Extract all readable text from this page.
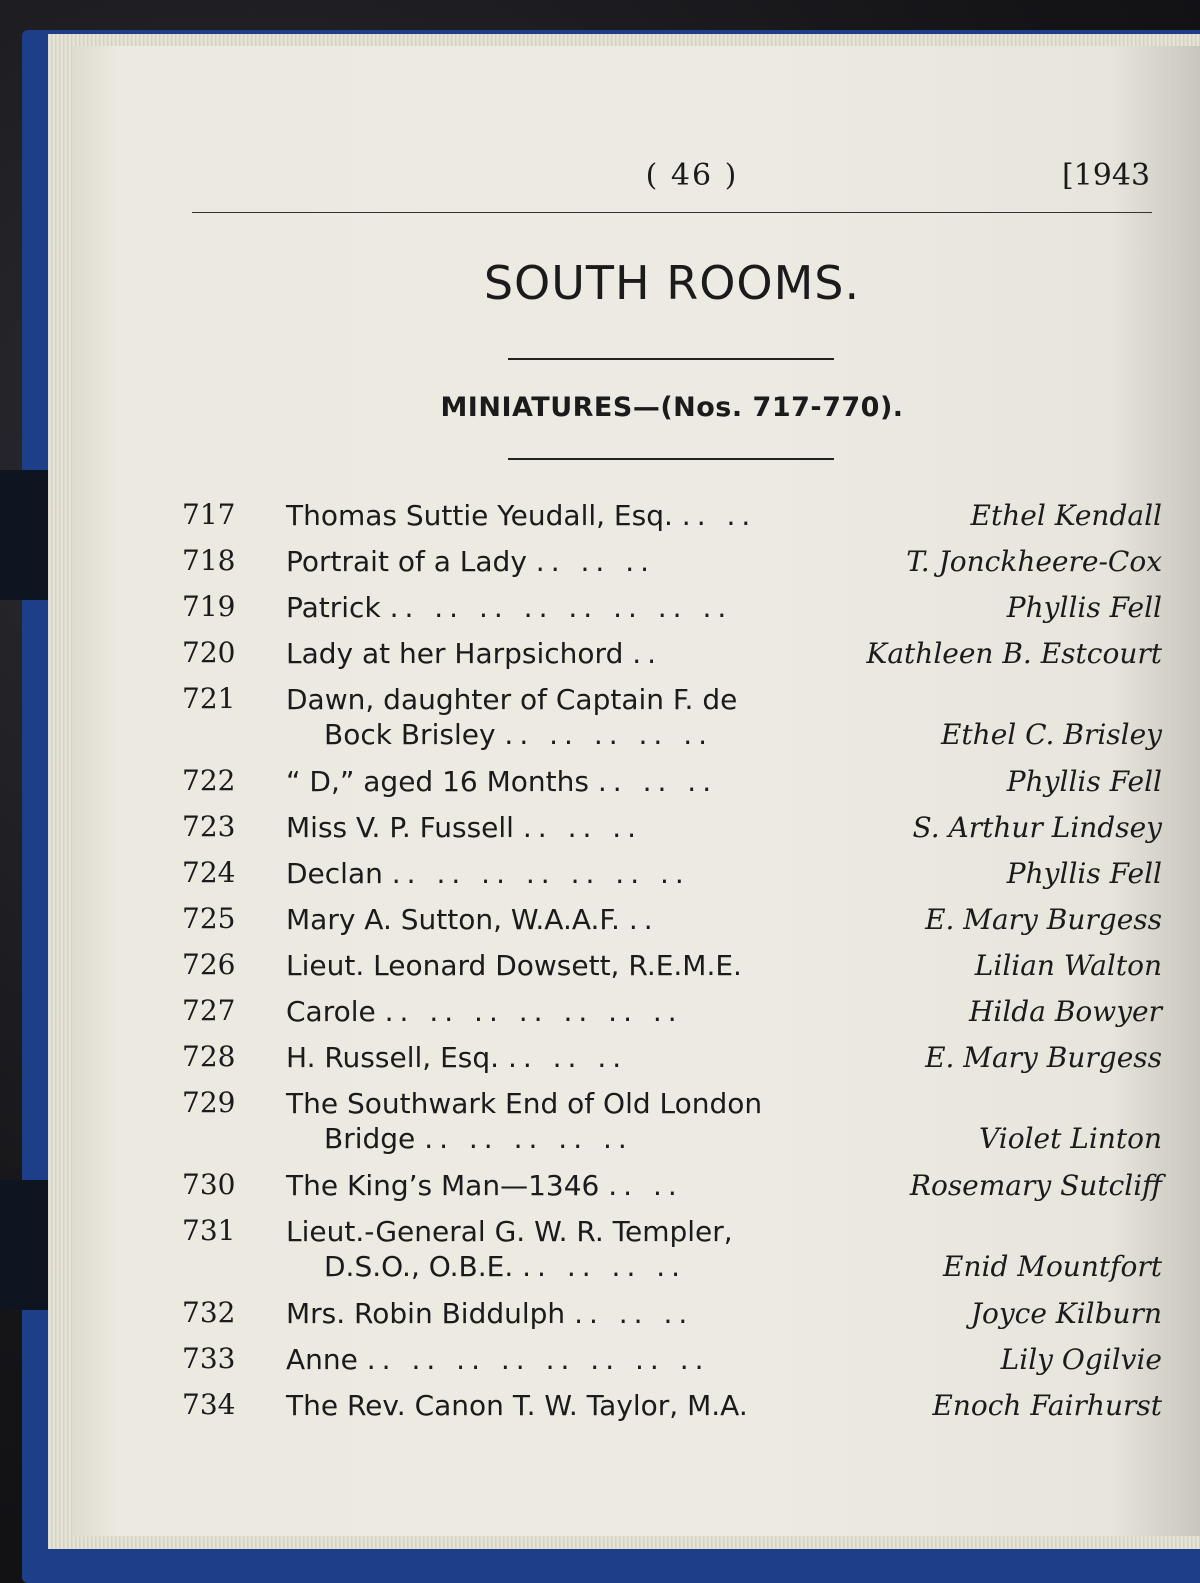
( 46 )	[1943
SOUTH ROOMS.
MINIATURES—(Nos. 717-770).
717	Thomas Suttie Yeudall, Esq. .. ..	Ethel Kendall
718	Portrait of a Lady .. .. ..	T. Jonckheere-Cox
719	Patrick .. .. .. .. .. .. .. ..	Phyllis Fell
720	Lady at her Harpsichord ..	Kathleen B. Estcourt
721	Dawn, daughter of Captain F. de
Bock Brisley .. .. .. .. ..	Ethel C. Brisley
722	“ D,” aged 16 Months .. .. ..	Phyllis Fell
723	Miss V. P. Fussell .. .. ..	S. Arthur Lindsey
724	Declan .. .. .. .. .. .. ..	Phyllis Fell
725	Mary A. Sutton, W.A.A.F. ..	E. Mary Burgess
726	Lieut. Leonard Dowsett, R.E.M.E.	Lilian Walton
727	Carole .. .. .. .. .. .. ..	Hilda Bowyer
728	H. Russell, Esq. .. .. ..	E. Mary Burgess
729	The Southwark End of Old London
Bridge .. .. .. .. ..	Violet Linton
730	The King’s Man—1346 .. ..	Rosemary Sutcliff
731	Lieut.-General G. W. R. Templer,
D.S.O., O.B.E. .. .. .. ..	Enid Mountfort
732	Mrs. Robin Biddulph .. .. ..	Joyce Kilburn
733	Anne .. .. .. .. .. .. .. ..	Lily Ogilvie
734	The Rev. Canon T. W. Taylor, M.A.	Enoch Fairhurst
